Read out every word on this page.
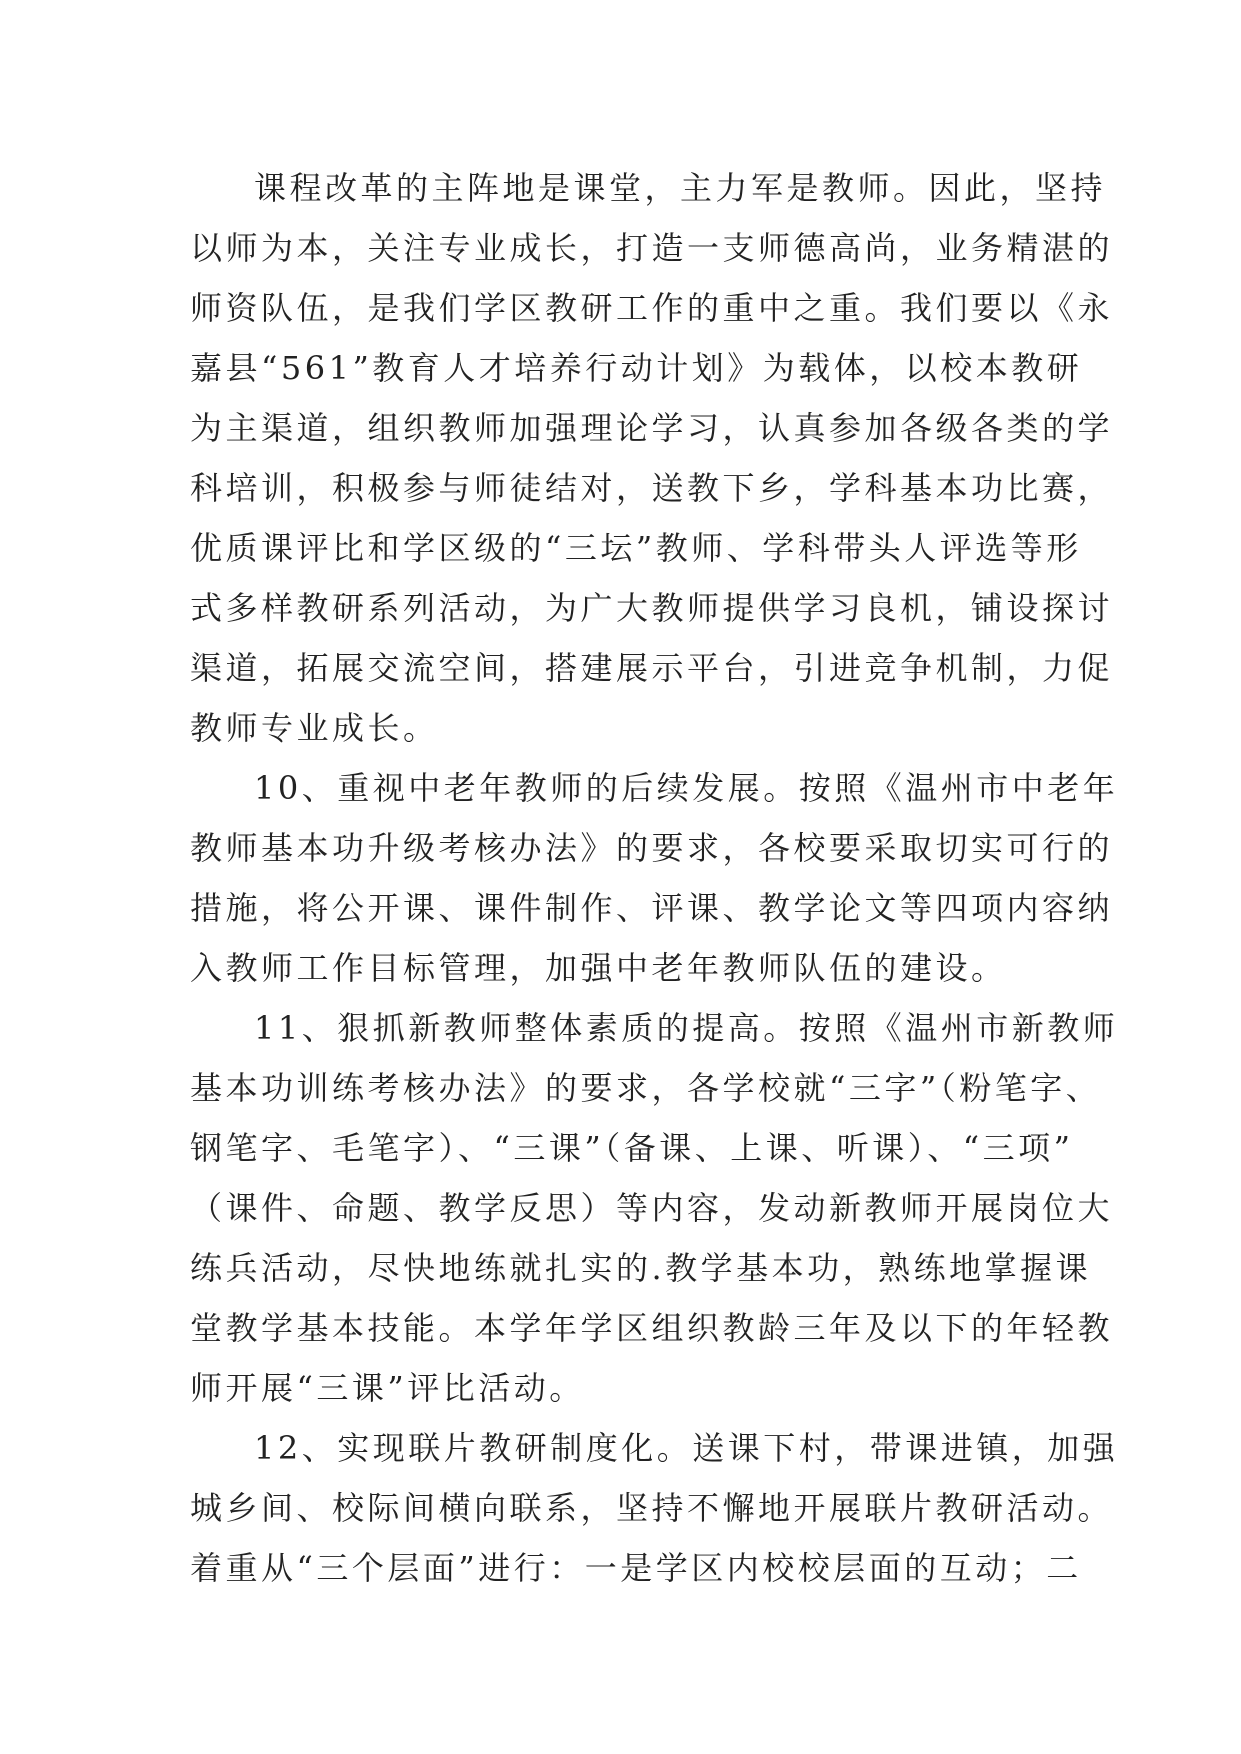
课程改革的主阵地是课堂，主力军是教师。因此，坚持
以师为本，关注专业成长，打造一支师德高尚，业务精湛的
师资队伍，是我们学区教研工作的重中之重。我们要以《永
嘉县“561”教育人才培养行动计划》为载体，以校本教研
为主渠道，组织教师加强理论学习，认真参加各级各类的学
科培训，积极参与师徒结对，送教下乡，学科基本功比赛，
优质课评比和学区级的“三坛”教师、学科带头人评选等形
式多样教研系列活动，为广大教师提供学习良机，铺设探讨
渠道，拓展交流空间，搭建展示平台，引进竞争机制，力促
教师专业成长。
10、重视中老年教师的后续发展。按照《温州市中老年
教师基本功升级考核办法》的要求，各校要采取切实可行的
措施，将公开课、课件制作、评课、教学论文等四项内容纳
入教师工作目标管理，加强中老年教师队伍的建设。
11、狠抓新教师整体素质的提高。按照《温州市新教师
基本功训练考核办法》的要求，各学校就“三字”（粉笔字、
钢笔字、毛笔字）、“三课”（备课、上课、听课）、“三项”
（课件、命题、教学反思）等内容，发动新教师开展岗位大
练兵活动，尽快地练就扎实的.教学基本功，熟练地掌握课
堂教学基本技能。本学年学区组织教龄三年及以下的年轻教
师开展“三课”评比活动。
12、实现联片教研制度化。送课下村，带课进镇，加强
城乡间、校际间横向联系，坚持不懈地开展联片教研活动。
着重从“三个层面”进行：一是学区内校校层面的互动；二
